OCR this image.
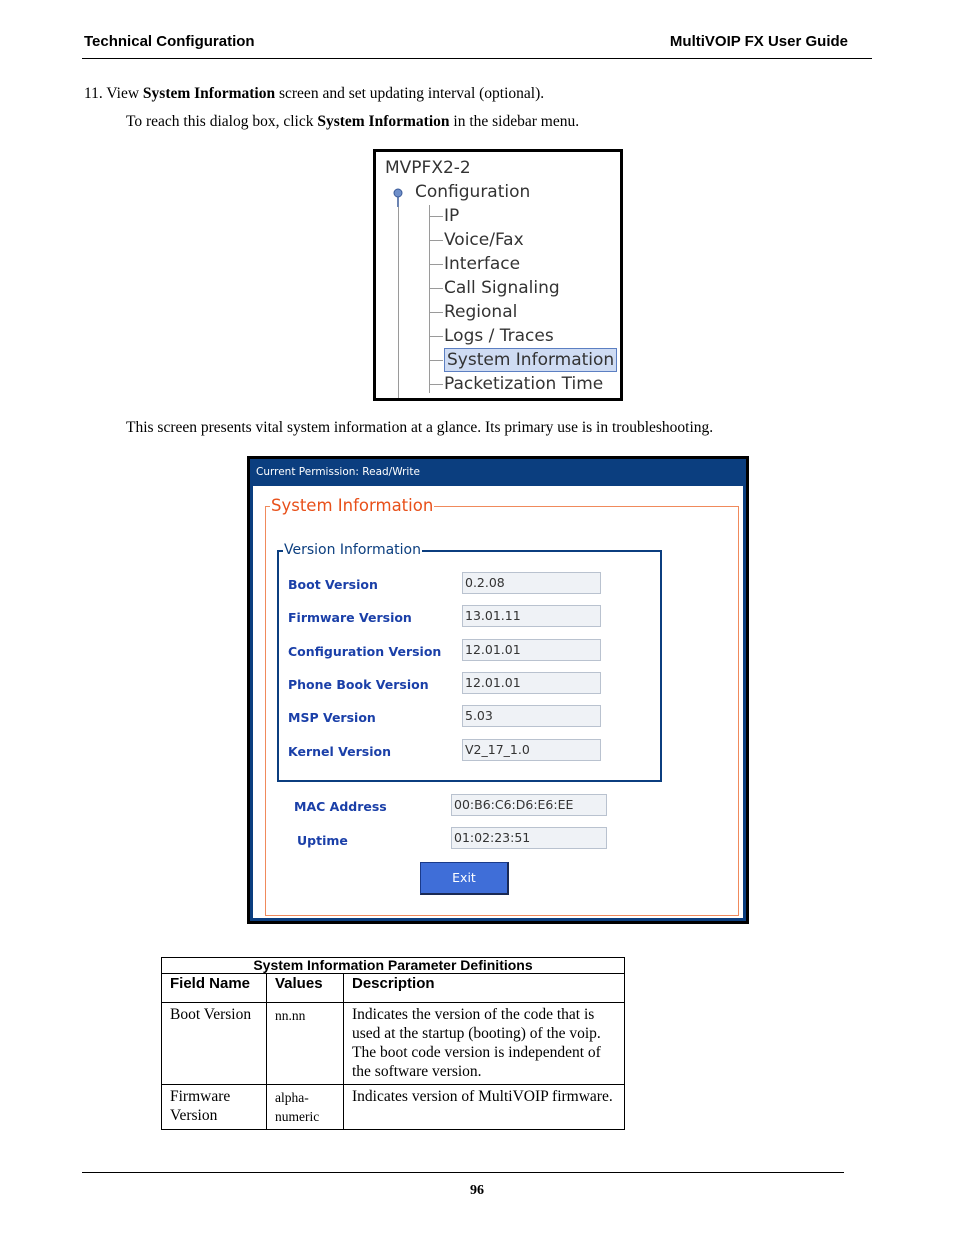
Technical Configuration	MultiVOIP FX User Guide
11. View System Information screen and set updating interval (optional).
To reach this dialog box, click System Information in the sidebar menu.
MVPFX2-2
Configuration
IP
Voice/Fax
Interface
Call Signaling
Regional
Logs / Traces
System Information
Packetization Time
This screen presents vital system information at a glance. Its primary use is in troubleshooting.
Current Permission: Read/Write
System Information
Version Information
Boot Version	0.2.08
Firmware Version	13.01.11
Configuration Version 12.01.01
Phone Book Version	12.01.01
MSP Version	5.03
Kernel Version	V2_17_1.0
MAC Address	00:B6:C6:D6:E6:EE
Uptime	01:02:23:51
Exit
System Information Parameter Definitions		
Field Name	Values	Description
Boot Version	nn.nn	Indicates the version of the code that is used at the startup (booting) of the voip. The boot code version is independent of the software version.
Firmware Version	alpha-numeric	Indicates version of MultiVOIP firmware.
96
